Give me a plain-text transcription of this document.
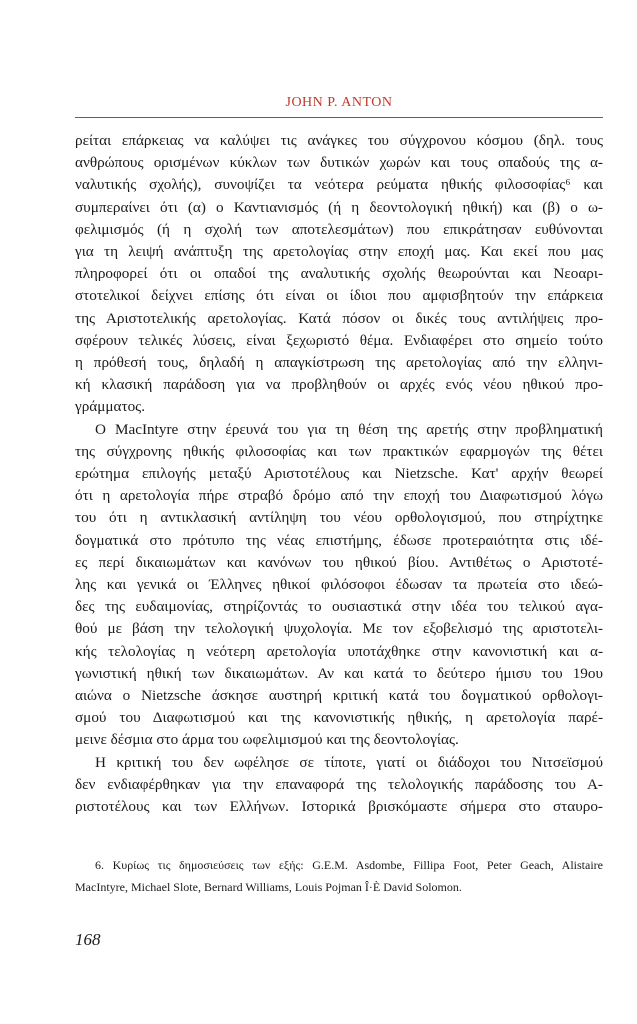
JOHN P. ANTON
ρείται επάρκειας να καλύψει τις ανάγκες του σύγχρονου κόσμου (δηλ. τους
ανθρώπους ορισμένων κύκλων των δυτικών χωρών και τους οπαδούς της α-
ναλυτικής σχολής), συνοψίζει τα νεότερα ρεύματα ηθικής φιλοσοφίας⁶ και
συμπεραίνει ότι (α) ο Καντιανισμός (ή η δεοντολογική ηθική) και (β) ο ω-
φελιμισμός (ή η σχολή των αποτελεσμάτων) που επικράτησαν ευθύνονται
για τη λειψή ανάπτυξη της αρετολογίας στην εποχή μας. Και εκεί που μας
πληροφορεί ότι οι οπαδοί της αναλυτικής σχολής θεωρούνται και Νεοαρι-
στοτελικοί δείχνει επίσης ότι είναι οι ίδιοι που αμφισβητούν την επάρκεια
της Αριστοτελικής αρετολογίας. Κατά πόσον οι δικές τους αντιλήψεις προ-
σφέρουν τελικές λύσεις, είναι ξεχωριστό θέμα. Ενδιαφέρει στο σημείο τούτο
η πρόθεσή τους, δηλαδή η απαγκίστρωση της αρετολογίας από την ελληνι-
κή κλασική παράδοση για να προβληθούν οι αρχές ενός νέου ηθικού προ-
γράμματος.
Ο MacIntyre στην έρευνά του για τη θέση της αρετής στην προβληματική
της σύγχρονης ηθικής φιλοσοφίας και των πρακτικών εφαρμογών της θέτει
ερώτημα επιλογής μεταξύ Αριστοτέλους και Nietzsche. Κατ' αρχήν θεωρεί
ότι η αρετολογία πήρε στραβό δρόμο από την εποχή του Διαφωτισμού λόγω
του ότι η αντικλασική αντίληψη του νέου ορθολογισμού, που στηρίχτηκε
δογματικά στο πρότυπο της νέας επιστήμης, έδωσε προτεραιότητα στις ιδέ-
ες περί δικαιωμάτων και κανόνων του ηθικού βίου. Αντιθέτως ο Αριστοτέ-
λης και γενικά οι Έλληνες ηθικοί φιλόσοφοι έδωσαν τα πρωτεία στο ιδεώ-
δες της ευδαιμονίας, στηρίζοντάς το ουσιαστικά στην ιδέα του τελικού αγα-
θού με βάση την τελολογική ψυχολογία. Με τον εξοβελισμό της αριστοτελι-
κής τελολογίας η νεότερη αρετολογία υποτάχθηκε στην κανονιστική και α-
γωνιστική ηθική των δικαιωμάτων. Αν και κατά το δεύτερο ήμισυ του 19ου
αιώνα ο Nietzsche άσκησε αυστηρή κριτική κατά του δογματικού ορθολογι-
σμού του Διαφωτισμού και της κανονιστικής ηθικής, η αρετολογία παρέ-
μεινε δέσμια στο άρμα του ωφελιμισμού και της δεοντολογίας.
Η κριτική του δεν ωφέλησε σε τίποτε, γιατί οι διάδοχοι του Νιτσεϊσμού
δεν ενδιαφέρθηκαν για την επαναφορά της τελολογικής παράδοσης του Α-
ριστοτέλους και των Ελλήνων. Ιστορικά βρισκόμαστε σήμερα στο σταυρο-
6. Κυρίως τις δημοσιεύσεις των εξής: G.E.M. Asdombe, Fillipa Foot, Peter Geach, Alistaire
MacIntyre, Michael Slote, Bernard Williams, Louis Pojman Î·È David Solomon.
168
